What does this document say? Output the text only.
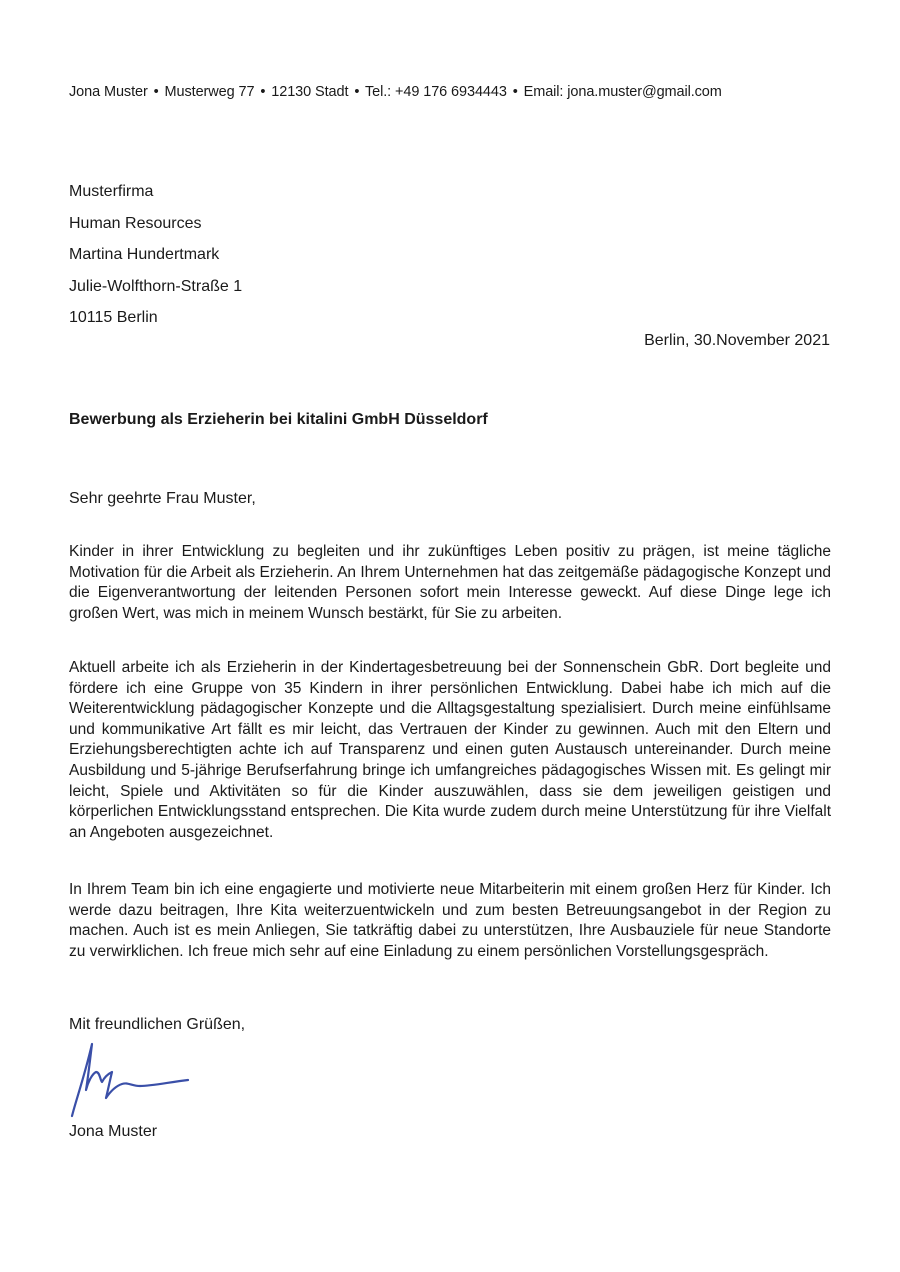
Jona Muster • Musterweg 77 • 12130 Stadt • Tel.: +49 176 6934443 • Email: jona.muster@gmail.com
Musterfirma
Human Resources
Martina Hundertmark
Julie-Wolfthorn-Straße 1
10115 Berlin
Berlin, 30.November 2021
Bewerbung als Erzieherin bei kitalini GmbH Düsseldorf
Sehr geehrte Frau Muster,
Kinder in ihrer Entwicklung zu begleiten und ihr zukünftiges Leben positiv zu prägen, ist meine tägliche Motivation für die Arbeit als Erzieherin. An Ihrem Unternehmen hat das zeitgemäße pädagogische Konzept und die Eigenverantwortung der leitenden Personen sofort mein Interesse geweckt. Auf diese Dinge lege ich großen Wert, was mich in meinem Wunsch bestärkt, für Sie zu arbeiten.
Aktuell arbeite ich als Erzieherin in der Kindertagesbetreuung bei der Sonnenschein GbR. Dort begleite und fördere ich eine Gruppe von 35 Kindern in ihrer persönlichen Entwicklung. Dabei habe ich mich auf die Weiterentwicklung pädagogischer Konzepte und die Alltagsgestaltung spezialisiert. Durch meine einfühlsame und kommunikative Art fällt es mir leicht, das Vertrauen der Kinder zu gewinnen. Auch mit den Eltern und Erziehungsberechtigten achte ich auf Transparenz und einen guten Austausch untereinander. Durch meine Ausbildung und 5-jährige Berufserfahrung bringe ich umfangreiches pädagogisches Wissen mit. Es gelingt mir leicht, Spiele und Aktivitäten so für die Kinder auszuwählen, dass sie dem jeweiligen geistigen und körperlichen Entwicklungsstand entsprechen. Die Kita wurde zudem durch meine Unterstützung für ihre Vielfalt an Angeboten ausgezeichnet.
In Ihrem Team bin ich eine engagierte und motivierte neue Mitarbeiterin mit einem großen Herz für Kinder. Ich werde dazu beitragen, Ihre Kita weiterzuentwickeln und zum besten Betreuungsangebot in der Region zu machen. Auch ist es mein Anliegen, Sie tatkräftig dabei zu unterstützen, Ihre Ausbauziele für neue Standorte zu verwirklichen. Ich freue mich sehr auf eine Einladung zu einem persönlichen Vorstellungsgespräch.
Mit freundlichen Grüßen,
Jona Muster
